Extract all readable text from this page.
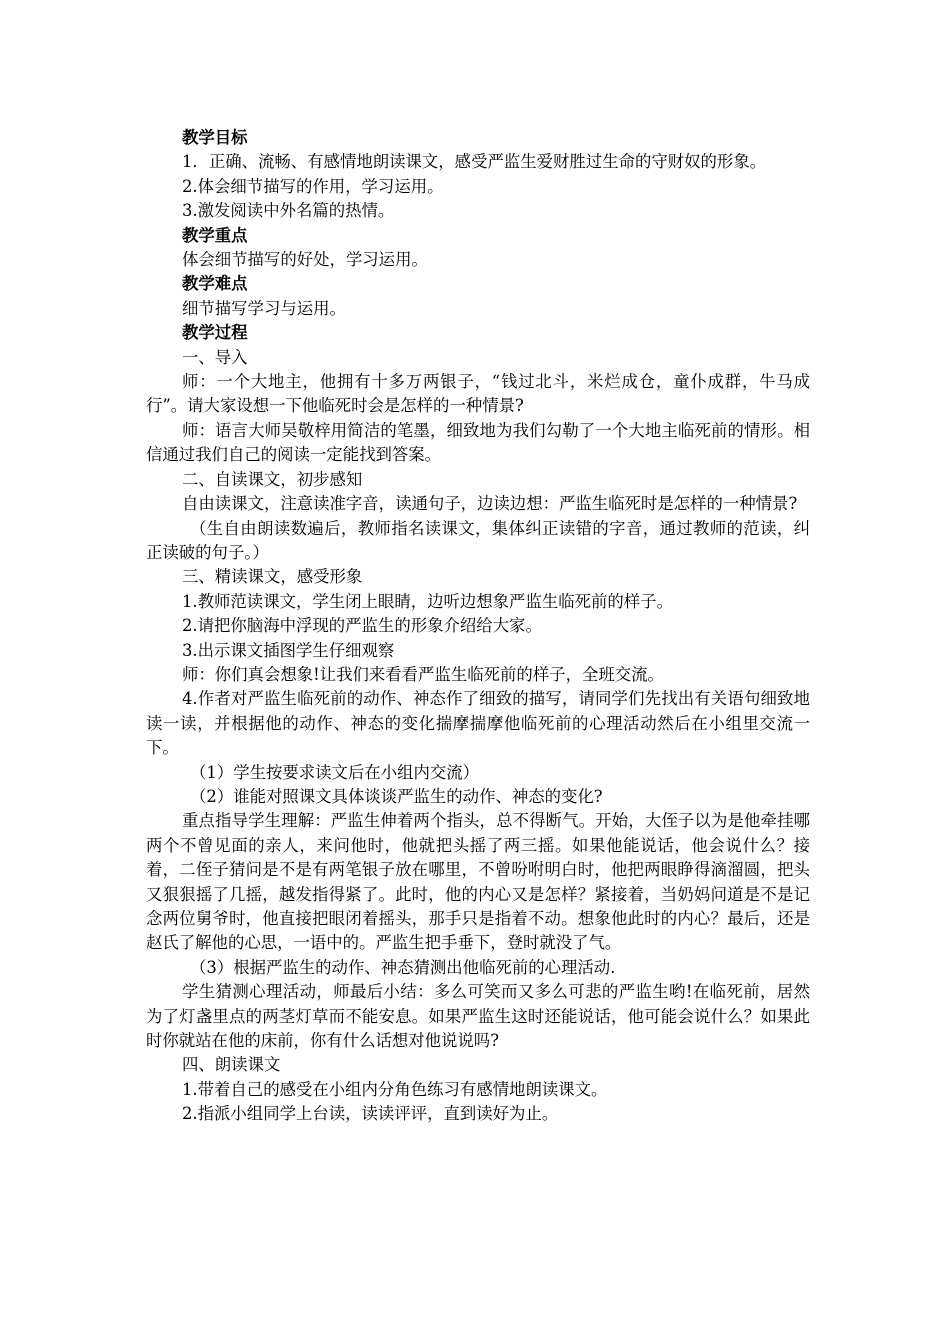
教学目标

1．正确、流畅、有感情地朗读课文，感受严监生爱财胜过生命的守财奴的形象。

2.体会细节描写的作用，学习运用。

3.激发阅读中外名篇的热情。

教学重点

体会细节描写的好处，学习运用。

教学难点

细节描写学习与运用。

教学过程

一、导入

师：一个大地主，他拥有十多万两银子，“钱过北斗，米烂成仓，童仆成群，牛马成行”。请大家设想一下他临死时会是怎样的一种情景?

师：语言大师吴敬梓用简洁的笔墨，细致地为我们勾勒了一个大地主临死前的情形。相信通过我们自己的阅读一定能找到答案。

二、自读课文，初步感知

自由读课文，注意读准字音，读通句子，边读边想：严监生临死时是怎样的一种情景?

（生自由朗读数遍后，教师指名读课文，集体纠正读错的字音，通过教师的范读，纠正读破的句子。）

三、精读课文，感受形象

1.教师范读课文，学生闭上眼睛，边听边想象严监生临死前的样子。

2.请把你脑海中浮现的严监生的形象介绍给大家。

3.出示课文插图学生仔细观察

师：你们真会想象!让我们来看看严监生临死前的样子，全班交流。

4.作者对严监生临死前的动作、神态作了细致的描写，请同学们先找出有关语句细致地读一读，并根据他的动作、神态的变化揣摩揣摩他临死前的心理活动然后在小组里交流一下。

（1）学生按要求读文后在小组内交流）

（2）谁能对照课文具体谈谈严监生的动作、神态的变化?

重点指导学生理解：严监生伸着两个指头，总不得断气。开始，大侄子以为是他牵挂哪两个不曾见面的亲人，来问他时，他就把头摇了两三摇。如果他能说话，他会说什么？接着，二侄子猜问是不是有两笔银子放在哪里，不曾吩咐明白时，他把两眼睁得滴溜圆，把头又狠狠摇了几摇，越发指得紧了。此时，他的内心又是怎样？紧接着，当奶妈问道是不是记念两位舅爷时，他直接把眼闭着摇头，那手只是指着不动。想象他此时的内心？最后，还是赵氏了解他的心思，一语中的。严监生把手垂下，登时就没了气。

（3）根据严监生的动作、神态猜测出他临死前的心理活动.

学生猜测心理活动，师最后小结：多么可笑而又多么可悲的严监生哟!在临死前，居然为了灯盏里点的两茎灯草而不能安息。如果严监生这时还能说话，他可能会说什么？如果此时你就站在他的床前，你有什么话想对他说说吗?

四、朗读课文

1.带着自己的感受在小组内分角色练习有感情地朗读课文。

2.指派小组同学上台读，读读评评，直到读好为止。
